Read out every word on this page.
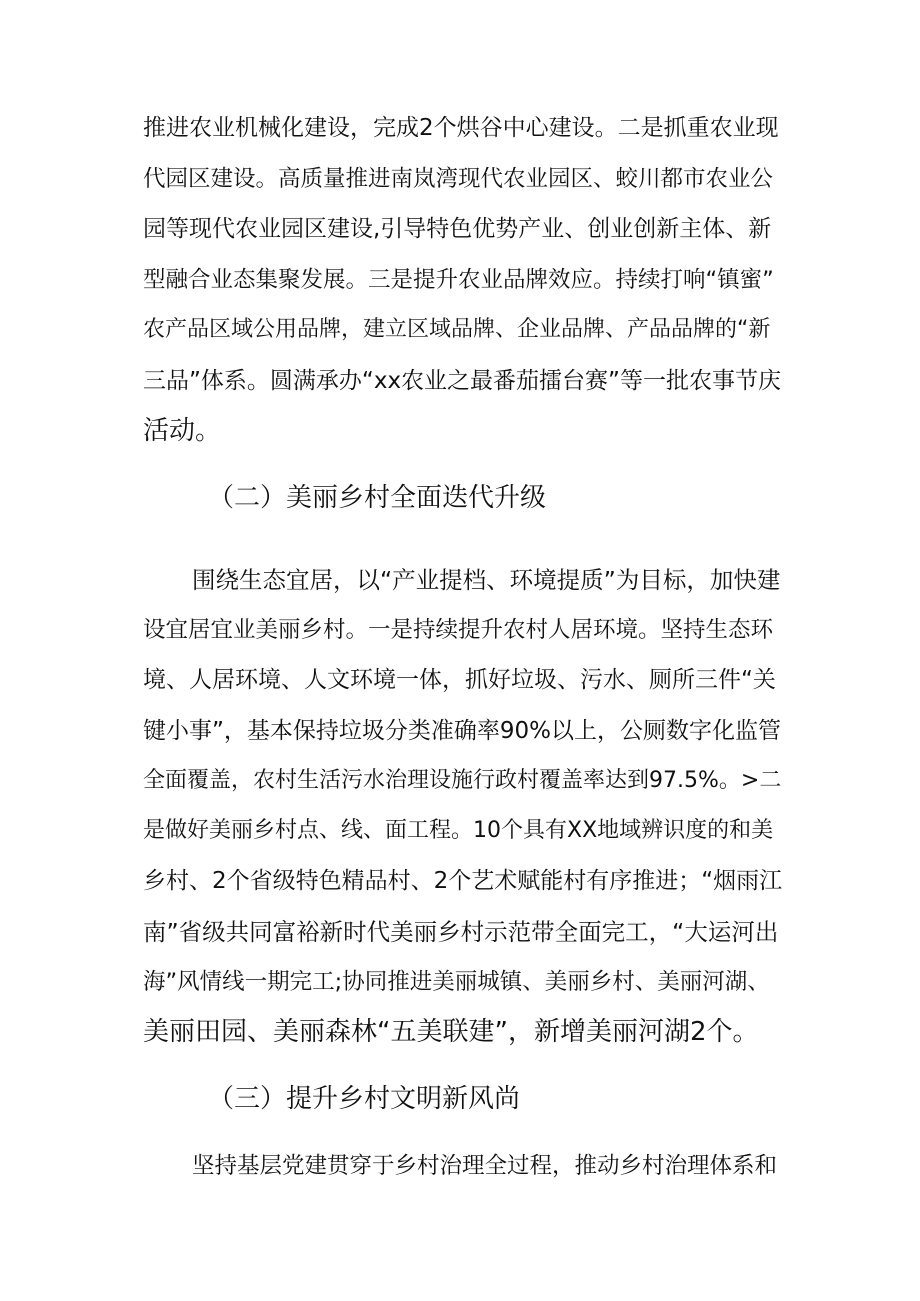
推进农业机械化建设，完成2个烘谷中心建设。二是抓重农业现
代园区建设。高质量推进南岚湾现代农业园区、蛟川都市农业公
园等现代农业园区建设,引导特色优势产业、创业创新主体、新
型融合业态集聚发展。三是提升农业品牌效应。持续打响“镇蜜”
农产品区域公用品牌，建立区域品牌、企业品牌、产品品牌的“新
三品”体系。圆满承办“xx农业之最番茄擂台赛”等一批农事节庆
活动。
（二）美丽乡村全面迭代升级
围绕生态宜居，以“产业提档、环境提质”为目标，加快建
设宜居宜业美丽乡村。一是持续提升农村人居环境。坚持生态环
境、人居环境、人文环境一体，抓好垃圾、污水、厕所三件“关
键小事”，基本保持垃圾分类准确率90%以上，公厕数字化监管
全面覆盖，农村生活污水治理设施行政村覆盖率达到97.5%。>二
是做好美丽乡村点、线、面工程。10个具有XX地域辨识度的和美
乡村、2个省级特色精品村、2个艺术赋能村有序推进；“烟雨江
南”省级共同富裕新时代美丽乡村示范带全面完工，“大运河出
海”风情线一期完工;协同推进美丽城镇、美丽乡村、美丽河湖、
美丽田园、美丽森林“五美联建”，新增美丽河湖2个。
（三）提升乡村文明新风尚
坚持基层党建贯穿于乡村治理全过程，推动乡村治理体系和
